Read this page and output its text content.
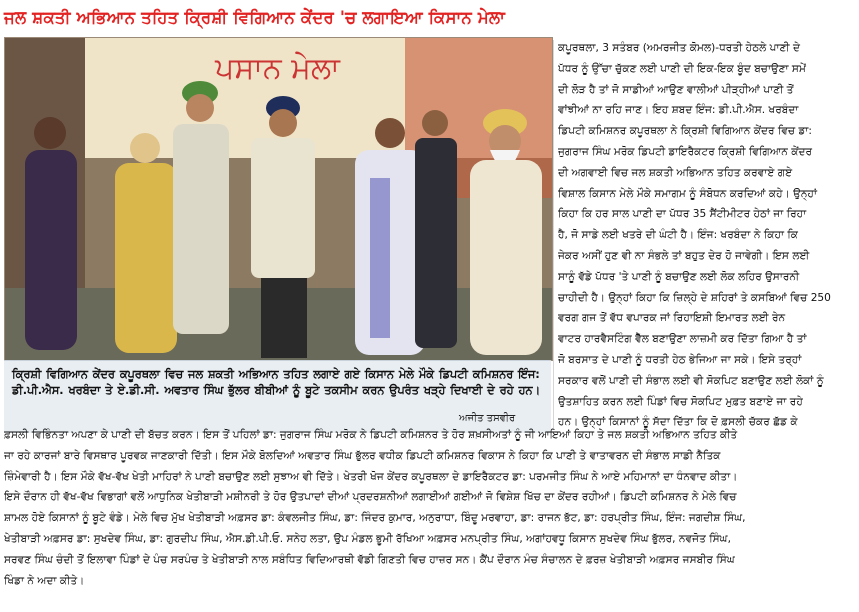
ਜਲ ਸ਼ਕਤੀ ਅਭਿਆਨ ਤਹਿਤ ਕ੍ਰਿਸ਼ੀ ਵਿਗਿਆਨ ਕੇਂਦਰ 'ਚ ਲਗਾਇਆ ਕਿਸਾਨ ਮੇਲਾ
ਪਸਾਨ ਮੇਲਾ
ਕ੍ਰਿਸ਼ੀ ਵਿਗਿਆਨ ਕੇਂਦਰ ਕਪੂਰਥਲਾ ਵਿਚ ਜਲ ਸ਼ਕਤੀ ਅਭਿਆਨ ਤਹਿਤ ਲਗਾਏ ਗਏ ਕਿਸਾਨ ਮੇਲੇ ਮੌਕੇ ਡਿਪਟੀ ਕਮਿਸ਼ਨਰ ਇੰਜ: ਡੀ.ਪੀ.ਐਸ. ਖਰਬੰਦਾ ਤੇ ਏ.ਡੀ.ਸੀ. ਅਵਤਾਰ ਸਿੰਘ ਭੁੱਲਰ ਬੀਬੀਆਂ ਨੂੰ ਬੂਟੇ ਤਕਸੀਮ ਕਰਨ ਉਪਰੰਤ ਖੜ੍ਹੇ ਦਿਖਾਈ ਦੇ ਰਹੇ ਹਨ।
ਅਜੀਤ ਤਸਵੀਰ
ਕਪੂਰਥਲਾ, 3 ਸਤੰਬਰ (ਅਮਰਜੀਤ ਕੋਮਲ)-ਧਰਤੀ ਹੇਠਲੇ ਪਾਣੀ ਦੇ
ਪੱਧਰ ਨੂੰ ਉੱਚਾ ਚੁੱਕਣ ਲਈ ਪਾਣੀ ਦੀ ਇਕ-ਇਕ ਬੂੰਦ ਬਚਾਉਣਾ ਸਮੇਂ
ਦੀ ਲੋੜ ਹੈ ਤਾਂ ਜੋ ਸਾਡੀਆਂ ਆਉਣ ਵਾਲੀਆਂ ਪੀੜ੍ਹੀਆਂ ਪਾਣੀ ਤੋਂ
ਵਾਂਝੀਆਂ ਨਾ ਰਹਿ ਜਾਣ। ਇਹ ਸ਼ਬਦ ਇੰਜ: ਡੀ.ਪੀ.ਐਸ. ਖਰਬੰਦਾ
ਡਿਪਟੀ ਕਮਿਸ਼ਨਰ ਕਪੂਰਥਲਾ ਨੇ ਕ੍ਰਿਸ਼ੀ ਵਿਗਿਆਨ ਕੇਂਦਰ ਵਿਚ ਡਾ:
ਜੁਗਰਾਜ ਸਿੰਘ ਮਰੋਕ ਡਿਪਟੀ ਡਾਇਰੈਕਟਰ ਕ੍ਰਿਸ਼ੀ ਵਿਗਿਆਨ ਕੇਂਦਰ
ਦੀ ਅਗਵਾਈ ਵਿਚ ਜਲ ਸ਼ਕਤੀ ਅਭਿਆਨ ਤਹਿਤ ਕਰਵਾਏ ਗਏ
ਵਿਸ਼ਾਲ ਕਿਸਾਨ ਮੇਲੇ ਮੌਕੇ ਸਮਾਗਮ ਨੂੰ ਸੰਬੋਧਨ ਕਰਦਿਆਂ ਕਹੇ। ਉਨ੍ਹਾਂ
ਕਿਹਾ ਕਿ ਹਰ ਸਾਲ ਪਾਣੀ ਦਾ ਪੱਧਰ 35 ਸੈਂਟੀਮੀਟਰ ਹੇਠਾਂ ਜਾ ਰਿਹਾ
ਹੈ, ਜੋ ਸਾਡੇ ਲਈ ਖਤਰੇ ਦੀ ਘੰਟੀ ਹੈ। ਇੰਜ: ਖਰਬੰਦਾ ਨੇ ਕਿਹਾ ਕਿ
ਜੇਕਰ ਅਸੀਂ ਹੁਣ ਵੀ ਨਾ ਸੰਭਲੇ ਤਾਂ ਬਹੁਤ ਦੇਰ ਹੋ ਜਾਵੇਗੀ। ਇਸ ਲਈ
ਸਾਨੂੰ ਵੱਡੇ ਪੱਧਰ 'ਤੇ ਪਾਣੀ ਨੂੰ ਬਚਾਉਣ ਲਈ ਲੋਕ ਲਹਿਰ ਉਸਾਰਨੀ
ਚਾਹੀਦੀ ਹੈ। ਉਨ੍ਹਾਂ ਕਿਹਾ ਕਿ ਜ਼ਿਲ੍ਹੇ ਦੇ ਸ਼ਹਿਰਾਂ ਤੇ ਕਸਬਿਆਂ ਵਿਚ 250
ਵਰਗ ਗਜ ਤੋਂ ਵੱਧ ਵਪਾਰਕ ਜਾਂ ਰਿਹਾਇਸ਼ੀ ਇਮਾਰਤ ਲਈ ਰੇਨ
ਵਾਟਰ ਹਾਰਵੈਸਟਿੰਗ ਵੈੱਲ ਬਣਾਉਣਾ ਲਾਜ਼ਮੀ ਕਰ ਦਿੱਤਾ ਗਿਆ ਹੈ ਤਾਂ
ਜੋ ਬਰਸਾਤ ਦੇ ਪਾਣੀ ਨੂੰ ਧਰਤੀ ਹੇਠ ਭੇਜਿਆ ਜਾ ਸਕੇ। ਇਸੇ ਤਰ੍ਹਾਂ
ਸਰਕਾਰ ਵਲੋਂ ਪਾਣੀ ਦੀ ਸੰਭਾਲ ਲਈ ਵੀ ਸੋਕਪਿਟ ਬਣਾਉਣ ਲਈ ਲੋਕਾਂ ਨੂੰ
ਉਤਸ਼ਾਹਿਤ ਕਰਨ ਲਈ ਪਿੰਡਾਂ ਵਿਚ ਸੋਕਪਿਟ ਮੁਫ਼ਤ ਬਣਾਏ ਜਾ ਰਹੇ
ਹਨ। ਉਨ੍ਹਾਂ ਕਿਸਾਨਾਂ ਨੂੰ ਸੱਦਾ ਦਿੱਤਾ ਕਿ ਦੋ ਫ਼ਸਲੀ ਚੱਕਰ ਛੱਡ ਕੇ
ਫ਼ਸਲੀ ਵਿਭਿੰਨਤਾ ਅਪਣਾ ਕੇ ਪਾਣੀ ਦੀ ਬੱਚਤ ਕਰਨ। ਇਸ ਤੋਂ ਪਹਿਲਾਂ ਡਾ: ਜੁਗਰਾਜ ਸਿੰਘ ਮਰੋਕ ਨੇ ਡਿਪਟੀ ਕਮਿਸ਼ਨਰ ਤੇ ਹੋਰ ਸ਼ਖ਼ਸੀਅਤਾਂ ਨੂੰ ਜੀ ਆਇਆਂ ਕਿਹਾ ਤੇ ਜਲ ਸ਼ਕਤੀ ਅਭਿਆਨ ਤਹਿਤ ਕੀਤੇ
ਜਾ ਰਹੇ ਕਾਰਜਾਂ ਬਾਰੇ ਵਿਸਥਾਰ ਪੂਰਵਕ ਜਾਣਕਾਰੀ ਦਿੱਤੀ। ਇਸ ਮੌਕੇ ਬੋਲਦਿਆਂ ਅਵਤਾਰ ਸਿੰਘ ਭੁੱਲਰ ਵਧੀਕ ਡਿਪਟੀ ਕਮਿਸ਼ਨਰ ਵਿਕਾਸ ਨੇ ਕਿਹਾ ਕਿ ਪਾਣੀ ਤੇ ਵਾਤਾਵਰਨ ਦੀ ਸੰਭਾਲ ਸਾਡੀ ਨੈਤਿਕ
ਜ਼ਿੰਮੇਵਾਰੀ ਹੈ। ਇਸ ਮੌਕੇ ਵੱਖ-ਵੱਖ ਖੇਤੀ ਮਾਹਿਰਾਂ ਨੇ ਪਾਣੀ ਬਚਾਉਣ ਲਈ ਸੁਝਾਅ ਵੀ ਦਿੱਤੇ। ਖੇਤਰੀ ਖੋਜ ਕੇਂਦਰ ਕਪੂਰਥਲਾ ਦੇ ਡਾਇਰੈਕਟਰ ਡਾ: ਪਰਮਜੀਤ ਸਿੰਘ ਨੇ ਆਏ ਮਹਿਮਾਨਾਂ ਦਾ ਧੰਨਵਾਦ ਕੀਤਾ।
ਇਸੇ ਦੌਰਾਨ ਹੀ ਵੱਖ-ਵੱਖ ਵਿਭਾਗਾਂ ਵਲੋਂ ਆਧੁਨਿਕ ਖੇਤੀਬਾੜੀ ਮਸ਼ੀਨਰੀ ਤੇ ਹੋਰ ਉਤਪਾਦਾਂ ਦੀਆਂ ਪ੍ਰਦਰਸ਼ਨੀਆਂ ਲਗਾਈਆਂ ਗਈਆਂ ਜੋ ਵਿਸ਼ੇਸ਼ ਖਿੱਚ ਦਾ ਕੇਂਦਰ ਰਹੀਆਂ। ਡਿਪਟੀ ਕਮਿਸ਼ਨਰ ਨੇ ਮੇਲੇ ਵਿਚ
ਸ਼ਾਮਲ ਹੋਏ ਕਿਸਾਨਾਂ ਨੂੰ ਬੂਟੇ ਵੰਡੇ। ਮੇਲੇ ਵਿਚ ਮੁੱਖ ਖੇਤੀਬਾੜੀ ਅਫ਼ਸਰ ਡਾ: ਕੰਵਲਜੀਤ ਸਿੰਘ, ਡਾ: ਜਿੰਦਰ ਕੁਮਾਰ, ਅਨੁਰਾਧਾ, ਬਿੰਦੂ ਮਰਵਾਹਾ, ਡਾ: ਰਾਜਨ ਭੱਟ, ਡਾ: ਹਰਪ੍ਰੀਤ ਸਿੰਘ, ਇੰਜ: ਜਗਦੀਸ਼ ਸਿੰਘ,
ਖੇਤੀਬਾੜੀ ਅਫ਼ਸਰ ਡਾ: ਸੁਖਦੇਵ ਸਿੰਘ, ਡਾ: ਗੁਰਦੀਪ ਸਿੰਘ, ਐਸ.ਡੀ.ਪੀ.ਓ. ਸਨੇਹ ਲਤਾ, ਉਪ ਮੰਡਲ ਭੂਮੀ ਰੱਖਿਆ ਅਫ਼ਸਰ ਮਨਪ੍ਰੀਤ ਸਿੰਘ, ਅਗਾਂਹਵਧੂ ਕਿਸਾਨ ਸੁਖਦੇਵ ਸਿੰਘ ਭੁੱਲਰ, ਨਵਜੋਤ ਸਿੰਘ,
ਸਰਵਣ ਸਿੰਘ ਚੰਦੀ ਤੋਂ ਇਲਾਵਾ ਪਿੰਡਾਂ ਦੇ ਪੰਚ ਸਰਪੰਚ ਤੇ ਖੇਤੀਬਾੜੀ ਨਾਲ ਸਬੰਧਿਤ ਵਿਦਿਆਰਥੀ ਵੱਡੀ ਗਿਣਤੀ ਵਿਚ ਹਾਜ਼ਰ ਸਨ। ਕੈਂਪ ਦੌਰਾਨ ਮੰਚ ਸੰਚਾਲਨ ਦੇ ਫ਼ਰਜ਼ ਖੇਤੀਬਾੜੀ ਅਫ਼ਸਰ ਜਸਬੀਰ ਸਿੰਘ
ਖਿੰਡਾ ਨੇ ਅਦਾ ਕੀਤੇ।
